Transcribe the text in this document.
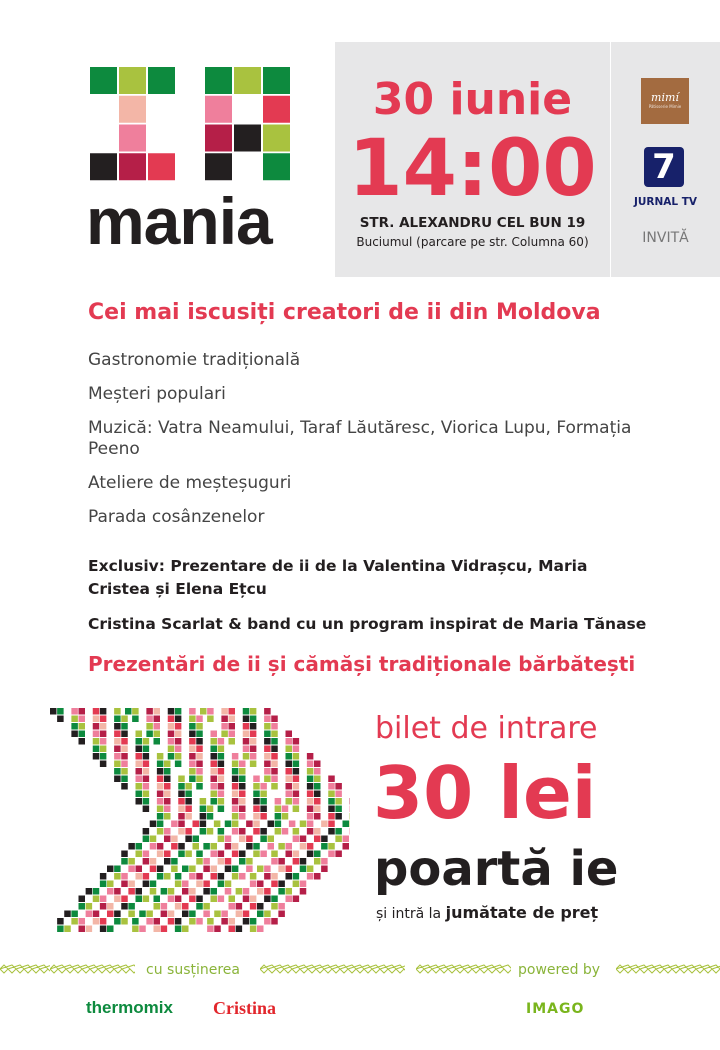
mania
30 iunie
14:00
STR. ALEXANDRU CEL BUN 19
Buciumul (parcare pe str. Columna 60)
mimí
Pâtisserie Mimie
7
JURNAL TV
INVITĂ
Cei mai iscusiți creatori de ii din Moldova
Gastronomie tradițională
Meșteri populari
Muzică: Vatra Neamului, Taraf Lăutăresc, Viorica Lupu, Formația Peeno
Ateliere de meșteșuguri
Parada cosânzenelor
Exclusiv: Prezentare de ii de la Valentina Vidrașcu, Maria Cristea și Elena Ețcu
Cristina Scarlat & band cu un program inspirat de Maria Tănase
Prezentări de ii și cămăși tradiționale bărbătești
bilet de intrare
30 lei
poartă ie
și intră la jumătate de preț
cu susținerea	powered by
thermomix Cristina	IMAGO
